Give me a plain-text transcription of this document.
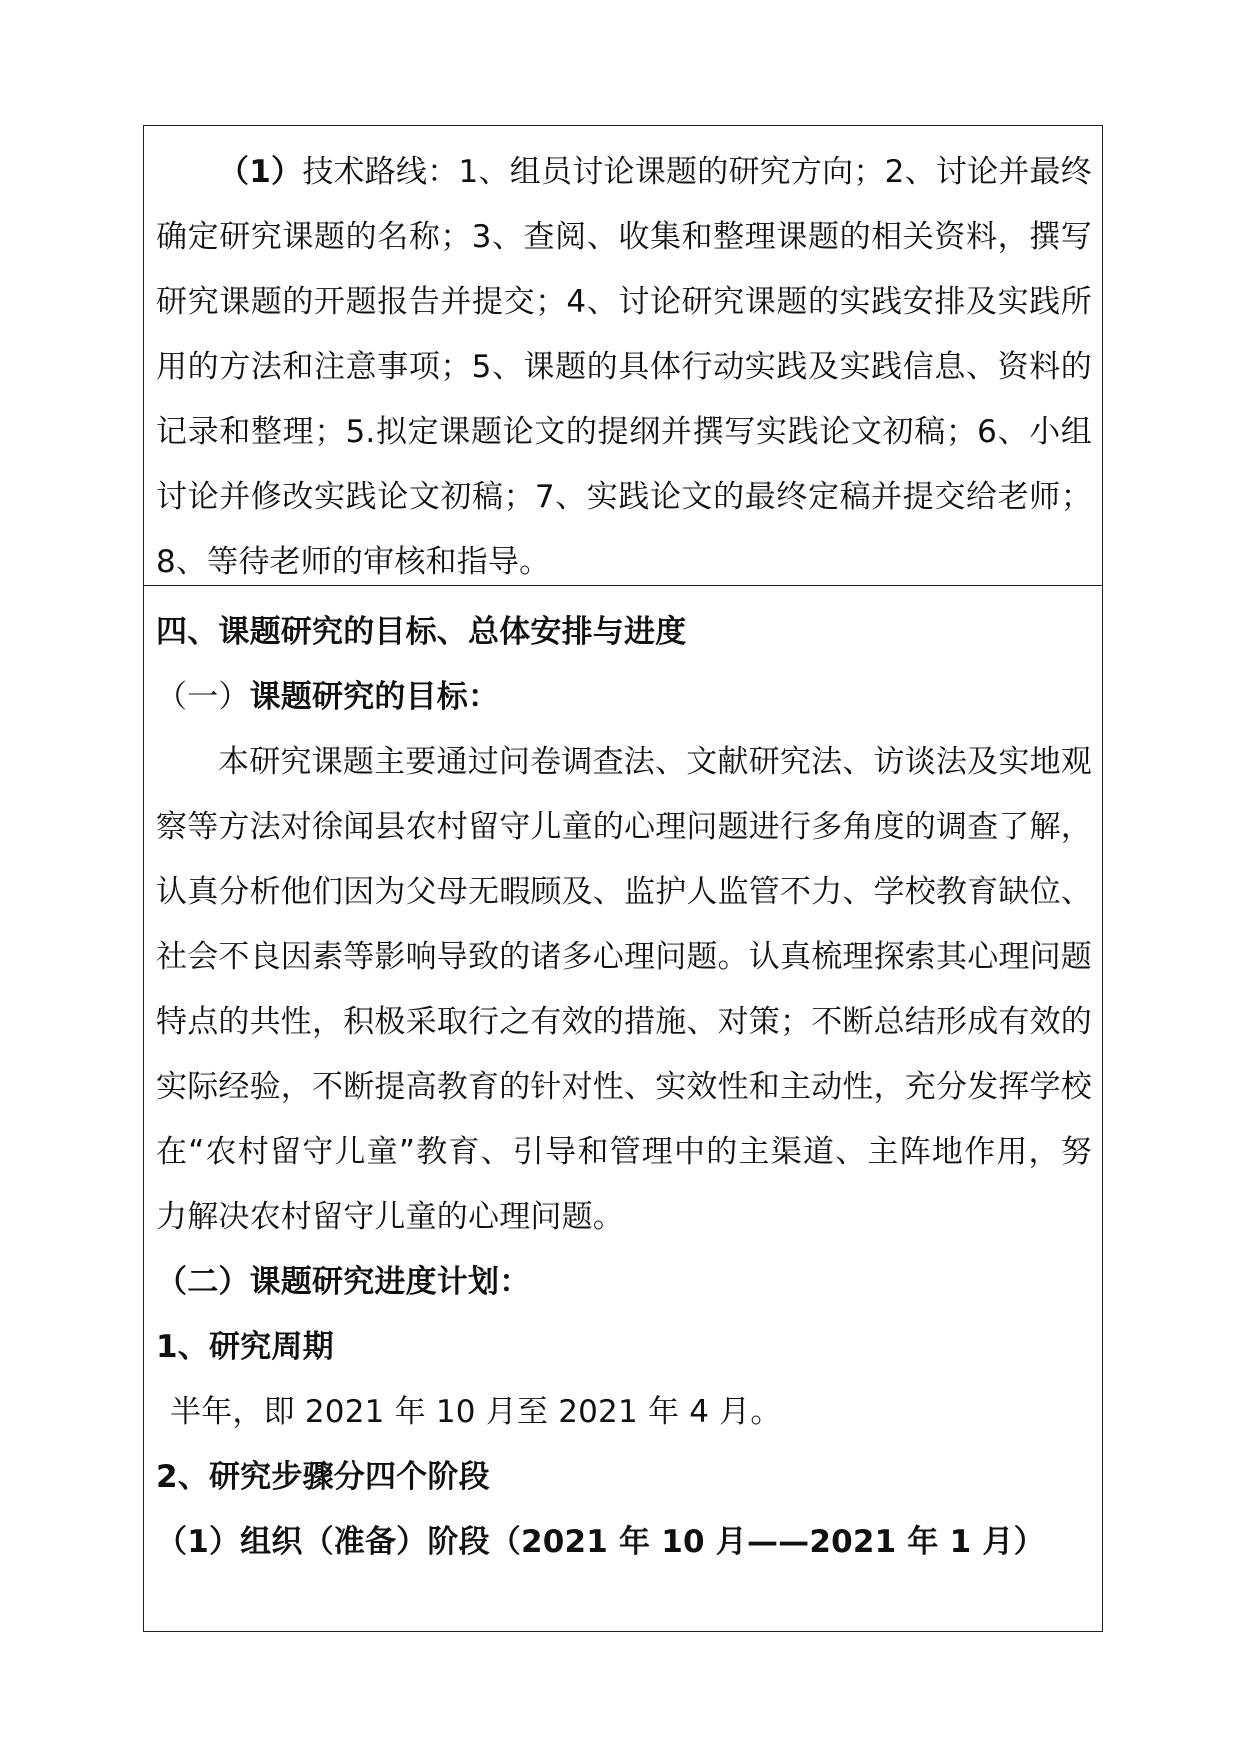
（1）技术路线：1、组员讨论课题的研究方向；2、讨论并最终确定研究课题的名称；3、查阅、收集和整理课题的相关资料，撰写研究课题的开题报告并提交；4、讨论研究课题的实践安排及实践所用的方法和注意事项；5、课题的具体行动实践及实践信息、资料的记录和整理；5.拟定课题论文的提纲并撰写实践论文初稿；6、小组讨论并修改实践论文初稿；7、实践论文的最终定稿并提交给老师；8、等待老师的审核和指导。

四、课题研究的目标、总体安排与进度

（一）课题研究的目标：

本研究课题主要通过问卷调查法、文献研究法、访谈法及实地观察等方法对徐闻县农村留守儿童的心理问题进行多角度的调查了解，认真分析他们因为父母无暇顾及、监护人监管不力、学校教育缺位、社会不良因素等影响导致的诸多心理问题。认真梳理探索其心理问题特点的共性，积极采取行之有效的措施、对策；不断总结形成有效的实际经验，不断提高教育的针对性、实效性和主动性，充分发挥学校在“农村留守儿童”教育、引导和管理中的主渠道、主阵地作用，努力解决农村留守儿童的心理问题。

（二）课题研究进度计划：

1、研究周期

半年，即 2021 年 10 月至 2021 年 4 月。

2、研究步骤分四个阶段

（1）组织（准备）阶段（2021 年 10 月——2021 年 1 月）
